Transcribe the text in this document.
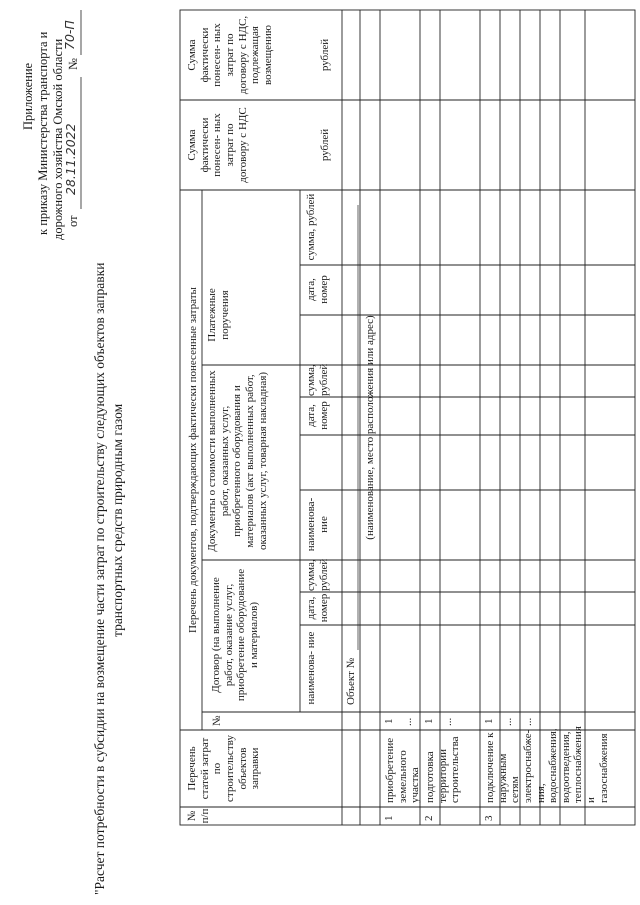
Приложение к приказу Министерства транспорта и дорожного хозяйства Омской области от
28.11.2022
№
70-П
"Расчет потребности в субсидии на возмещение части затрат по строительству следующих объектов заправки транспортных средств природным газом
№ п/п
Перечень статей затрат по строительству объектов заправки
Перечень документов, подтверждающих фактически понесенные затраты
№
Договор (на выполнение работ, оказание услуг, приобретение оборудование и материалов)
Документы о стоимости выполненных работ, оказанных услуг, приобретенного оборудования и материалов (акт выполненных работ, оказанных услуг, товарная накладная)
Платежные поручения
наименова- ние
дата, номер
сумма, рублей
наименова- ние
дата, номер
сумма, рублей
дата, номер
сумма, рублей
Сумма фактически понесен- ных затрат по договору с НДС
Сумма фактически понесен- ных затрат по договору с НДС, подлежащая возмещению
рублей
рублей
Объект №
(наименование, место расположения или адрес)
1
приобретение земельного участка
1 ...
2
подготовка территории строительства
1 ...
3
подключение к наружным сетям электроснабже- ния, водоснабжения, водоотведения, теплоснабжения и газоснабжения
1 ... ...
